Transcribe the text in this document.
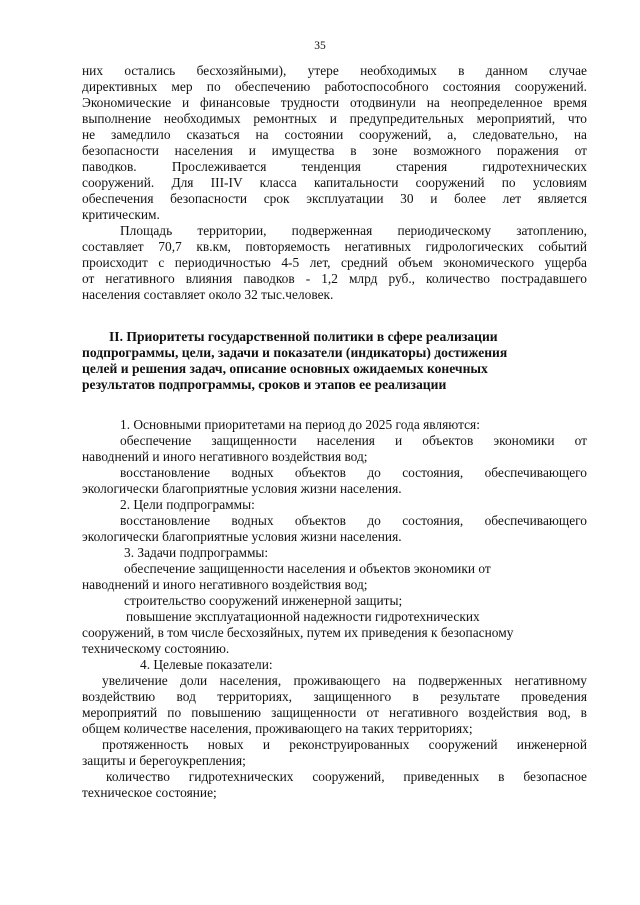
35
них остались бесхозяйными), утере необходимых в данном случае
директивных мер по обеспечению работоспособного состояния сооружений.
Экономические и финансовые трудности отодвинули на неопределенное время
выполнение необходимых ремонтных и предупредительных мероприятий, что
не замедлило сказаться на состоянии сооружений, а, следовательно, на
безопасности населения и имущества в зоне возможного поражения от
паводков. Прослеживается тенденция старения гидротехнических
сооружений. Для III-IV класса капитальности сооружений по условиям
обеспечения безопасности срок эксплуатации 30 и более лет является
критическим.
Площадь территории, подверженная периодическому затоплению,
составляет 70,7 кв.км, повторяемость негативных гидрологических событий
происходит с периодичностью 4-5 лет, средний объем экономического ущерба
от негативного влияния паводков - 1,2 млрд руб., количество пострадавшего
населения составляет около 32 тыс.человек.
II. Приоритеты государственной политики в сфере реализации
подпрограммы, цели, задачи и показатели (индикаторы) достижения
целей и решения задач, описание основных ожидаемых конечных
результатов подпрограммы, сроков и этапов ее реализации
1. Основными приоритетами на период до 2025 года являются:
обеспечение защищенности населения и объектов экономики от
наводнений и иного негативного воздействия вод;
восстановление водных объектов до состояния, обеспечивающего
экологически благоприятные условия жизни населения.
2. Цели подпрограммы:
восстановление водных объектов до состояния, обеспечивающего
экологически благоприятные условия жизни населения.
3. Задачи подпрограммы:
обеспечение защищенности населения и объектов экономики от
наводнений и иного негативного воздействия вод;
строительство сооружений инженерной защиты;
повышение эксплуатационной надежности гидротехнических
сооружений, в том числе бесхозяйных, путем их приведения к безопасному
техническому состоянию.
4. Целевые показатели:
увеличение доли населения, проживающего на подверженных негативному
воздействию вод территориях, защищенного в результате проведения
мероприятий по повышению защищенности от негативного воздействия вод, в
общем количестве населения, проживающего на таких территориях;
протяженность новых и реконструированных сооружений инженерной
защиты и берегоукрепления;
количество гидротехнических сооружений, приведенных в безопасное
техническое состояние;
